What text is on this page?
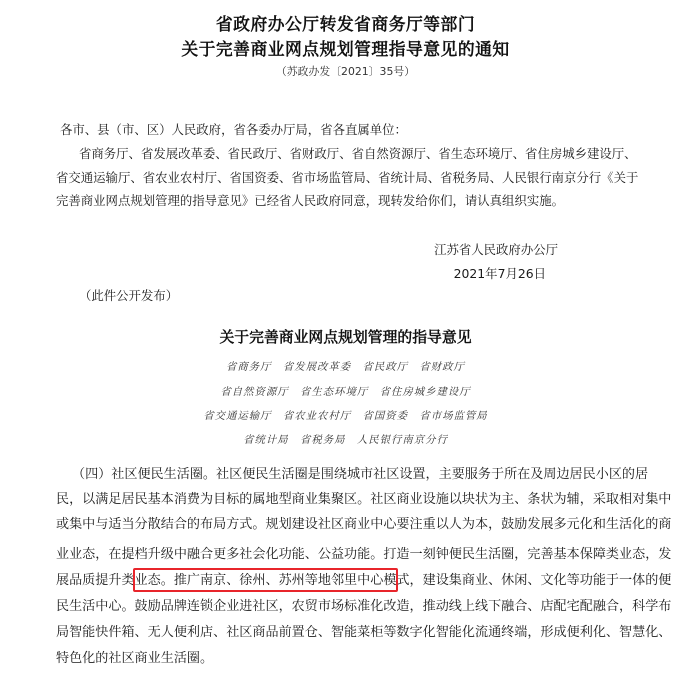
省政府办公厅转发省商务厅等部门
关于完善商业网点规划管理指导意见的通知
（苏政办发〔2021〕35号）
各市、县（市、区）人民政府，省各委办厅局，省各直属单位：
省商务厅、省发展改革委、省民政厅、省财政厅、省自然资源厅、省生态环境厅、省住房城乡建设厅、
省交通运输厅、省农业农村厅、省国资委、省市场监管局、省统计局、省税务局、人民银行南京分行《关于
完善商业网点规划管理的指导意见》已经省人民政府同意，现转发给你们，请认真组织实施。
江苏省人民政府办公厅
2021年7月26日
（此件公开发布）
关于完善商业网点规划管理的指导意见
省商务厅　省发展改革委　省民政厅　省财政厅
省自然资源厅　省生态环境厅　省住房城乡建设厅
省交通运输厅　省农业农村厅　省国资委　省市场监管局
省统计局　省税务局　人民银行南京分行
（四）社区便民生活圈。社区便民生活圈是围绕城市社区设置，主要服务于所在及周边居民小区的居
民，以满足居民基本消费为目标的属地型商业集聚区。社区商业设施以块状为主、条状为辅，采取相对集中
或集中与适当分散结合的布局方式。规划建设社区商业中心要注重以人为本，鼓励发展多元化和生活化的商
业业态，在提档升级中融合更多社会化功能、公益功能。打造一刻钟便民生活圈，完善基本保障类业态，发
展品质提升类业态。推广南京、徐州、苏州等地邻里中心模式，建设集商业、休闲、文化等功能于一体的便
民生活中心。鼓励品牌连锁企业进社区，农贸市场标准化改造，推动线上线下融合、店配宅配融合，科学布
局智能快件箱、无人便利店、社区商品前置仓、智能菜柜等数字化智能化流通终端，形成便利化、智慧化、
特色化的社区商业生活圈。
